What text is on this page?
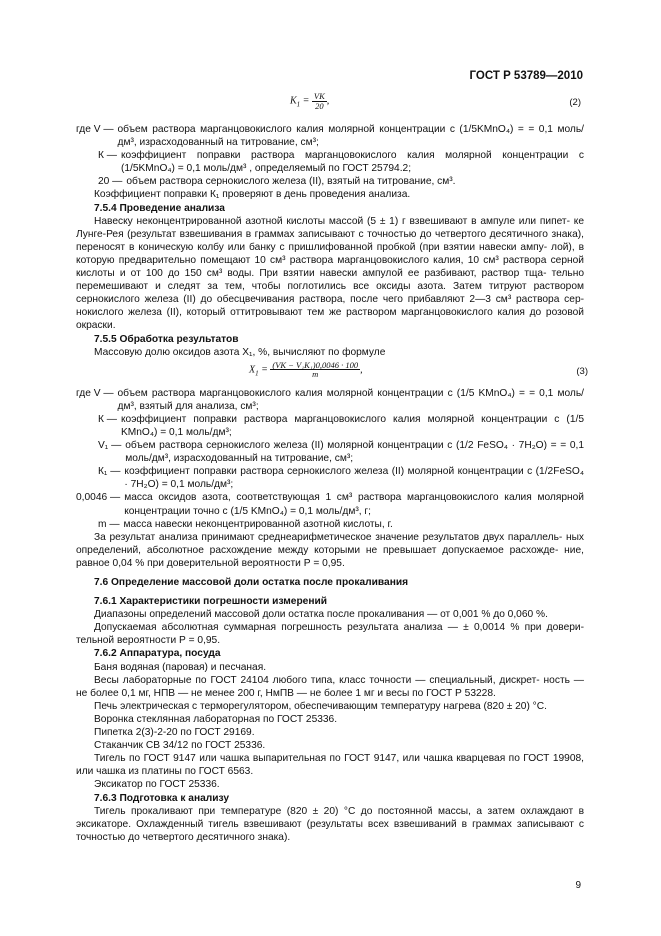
ГОСТ Р 53789—2010
$K_1 = \frac{VK}{20}$ ,	(2)
где V — объем раствора марганцовокислого калия молярной концентрации с (1/5KMnO₄) = = 0,1 моль/дм³, израсходованный на титрование, см³;
К — коэффициент поправки раствора марганцовокислого калия молярной концентрации с (1/5KMnO₄) = 0,1 моль/дм³ , определяемый по ГОСТ 25794.2;
20 — объем раствора сернокислого железа (II), взятый на титрование, см³.

Коэффициент поправки К₁ проверяют в день проведения анализа.

7.5.4 Проведение анализа

Навеску неконцентрированной азотной кислоты массой (5 ± 1) г взвешивают в ампуле или пипет- ке Лунге-Рея (результат взвешивания в граммах записывают с точностью до четвертого десятичного знака), переносят в коническую колбу или банку с пришлифованной пробкой (при взятии навески ампу- лой), в которую предварительно помещают 10 см³ раствора марганцовокислого калия, 10 см³ раствора серной кислоты и от 100 до 150 см³ воды. При взятии навески ампулой ее разбивают, раствор тща- тельно перемешивают и следят за тем, чтобы поглотились все оксиды азота. Затем титруют раствором сернокислого железа (II) до обесцвечивания раствора, после чего прибавляют 2—3 см³ раствора сер- нокислого железа (II), который оттитровывают тем же раствором марганцовокислого калия до розовой окраски.

7.5.5 Обработка результатов

Массовую долю оксидов азота X₁, %, вычисляют по формуле

$X_1 = \frac{\text{(VK − V₁K₁)0,0046 · 100}}{m}$ ,	(3)
где V — объем раствора марганцовокислого калия молярной концентрации с (1/5 KMnO₄) = = 0,1 моль/дм³, взятый для анализа, см³;
К — коэффициент поправки раствора марганцовокислого калия молярной концентрации с (1/5 KMnO₄) = 0,1 моль/дм³;
V₁ — объем раствора сернокислого железа (II) молярной концентрации с (1/2 FeSO₄ · 7H₂O) = = 0,1 моль/дм³, израсходованный на титрование, см³;
К₁ — коэффициент поправки раствора сернокислого железа (II) молярной концентрации с (1/2FeSO₄ · 7H₂O) = 0,1 моль/дм³;
0,0046 — масса оксидов азота, соответствующая 1 см³ раствора марганцовокислого калия молярной концентрации точно с (1/5 KMnO₄) = 0,1 моль/дм³, г;
m — масса навески неконцентрированной азотной кислоты, г.

За результат анализа принимают среднеарифметическое значение результатов двух параллель- ных определений, абсолютное расхождение между которыми не превышает допускаемое расхожде- ние, равное 0,04 % при доверительной вероятности Р = 0,95.

7.6 Определение массовой доли остатка после прокаливания

7.6.1 Характеристики погрешности измерений

Диапазоны определений массовой доли остатка после прокаливания — от 0,001 % до 0,060 %.

Допускаемая абсолютная суммарная погрешность результата анализа — ± 0,0014 % при довери- тельной вероятности Р = 0,95.

7.6.2 Аппаратура, посуда

Баня водяная (паровая) и песчаная.

Весы лабораторные по ГОСТ 24104 любого типа, класс точности — специальный, дискрет- ность — не более 0,1 мг, НПВ — не менее 200 г, НмПВ — не более 1 мг и весы по ГОСТ Р 53228.

Печь электрическая с терморегулятором, обеспечивающим температуру нагрева (820 ± 20) °С.

Воронка стеклянная лабораторная по ГОСТ 25336.

Пипетка 2(3)-2-20 по ГОСТ 29169.

Стаканчик СВ 34/12 по ГОСТ 25336.

Тигель по ГОСТ 9147 или чашка выпарительная по ГОСТ 9147, или чашка кварцевая по ГОСТ 19908, или чашка из платины по ГОСТ 6563.

Эксикатор по ГОСТ 25336.

7.6.3 Подготовка к анализу

Тигель прокаливают при температуре (820 ± 20) °С до постоянной массы, а затем охлаждают в эксикаторе. Охлажденный тигель взвешивают (результаты всех взвешиваний в граммах записывают с точностью до четвертого десятичного знака).

9
